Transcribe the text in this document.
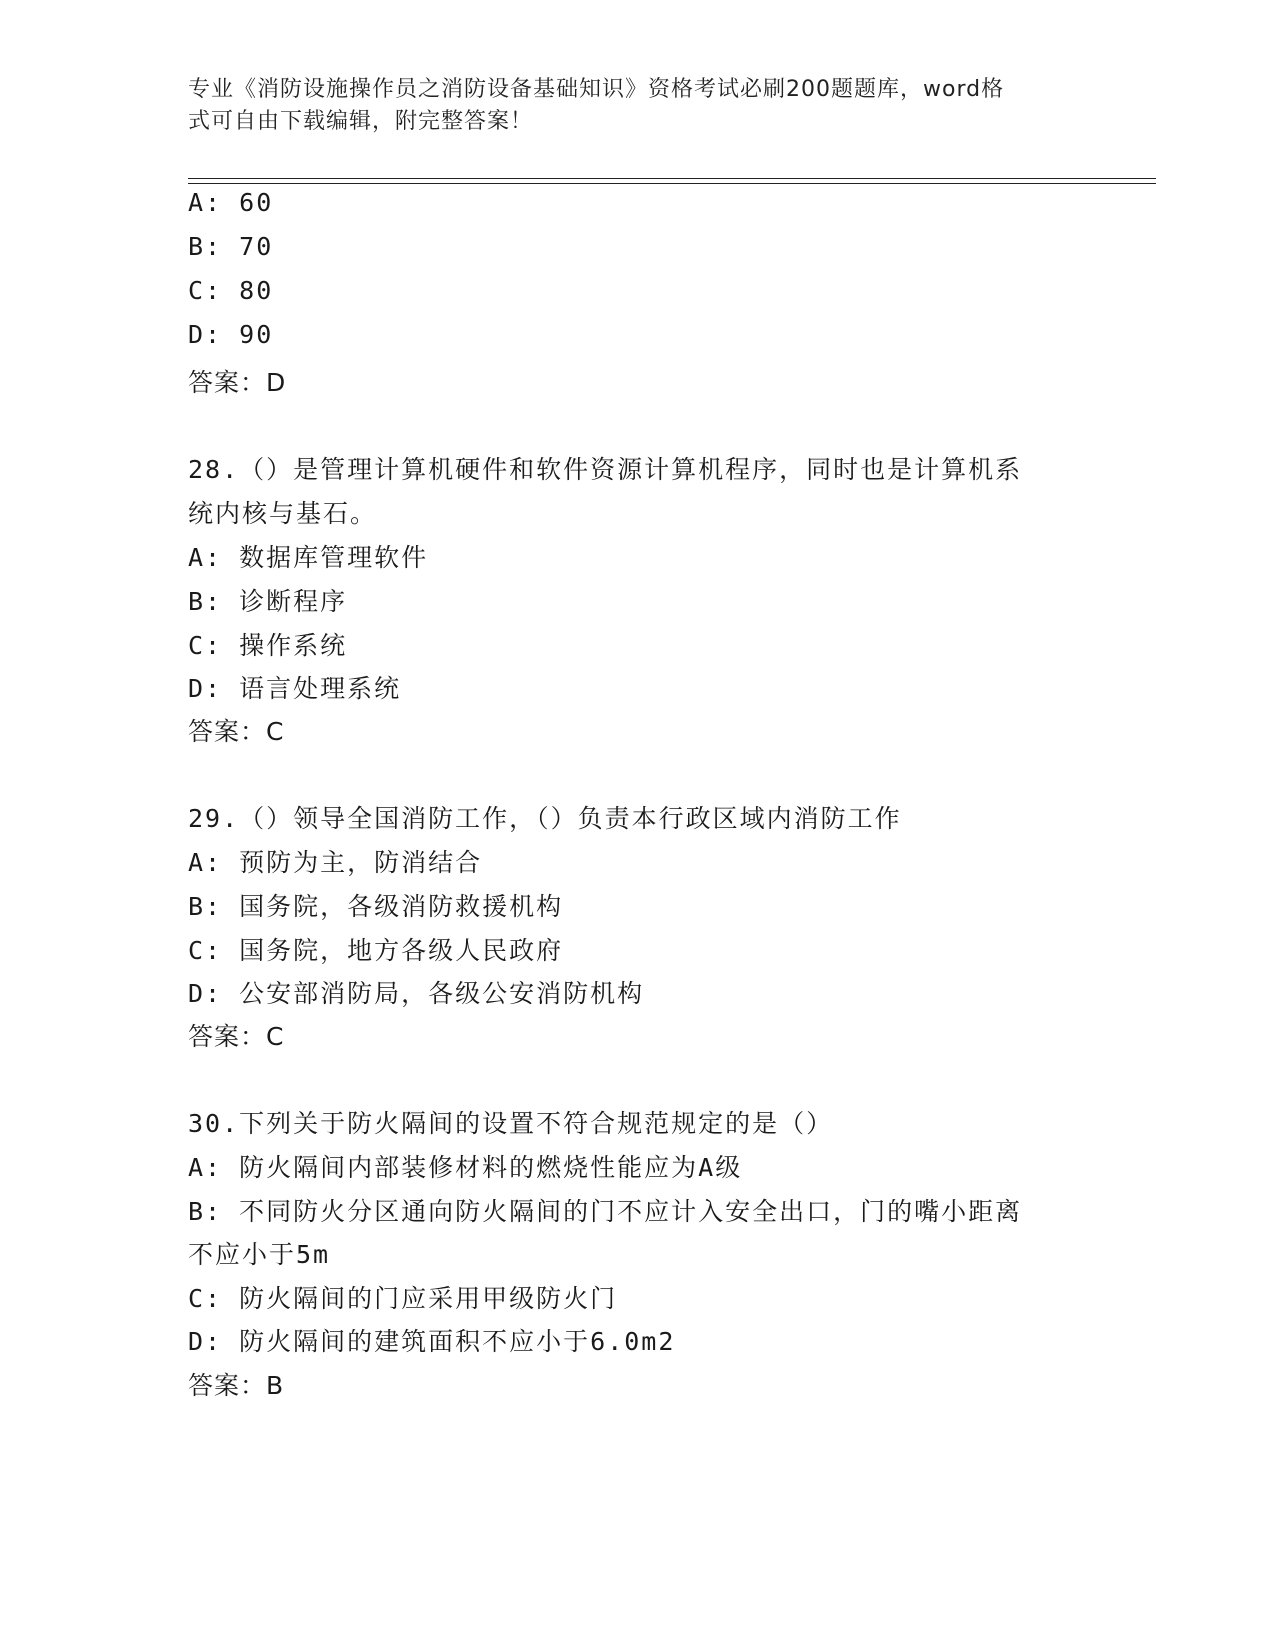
专业《消防设施操作员之消防设备基础知识》资格考试必刷200题题库，word格
式可自由下载编辑，附完整答案！
A: 60
B: 70
C: 80
D: 90
答案：D
28.（）是管理计算机硬件和软件资源计算机程序，同时也是计算机系
统内核与基石。
A: 数据库管理软件
B: 诊断程序
C: 操作系统
D: 语言处理系统
答案：C
29.（）领导全国消防工作，（）负责本行政区域内消防工作
A: 预防为主，防消结合
B: 国务院，各级消防救援机构
C: 国务院，地方各级人民政府
D: 公安部消防局，各级公安消防机构
答案：C
30.下列关于防火隔间的设置不符合规范规定的是（）
A: 防火隔间内部装修材料的燃烧性能应为A级
B: 不同防火分区通向防火隔间的门不应计入安全出口，门的嘴小距离
不应小于5m
C: 防火隔间的门应采用甲级防火门
D: 防火隔间的建筑面积不应小于6.0m2
答案：B
